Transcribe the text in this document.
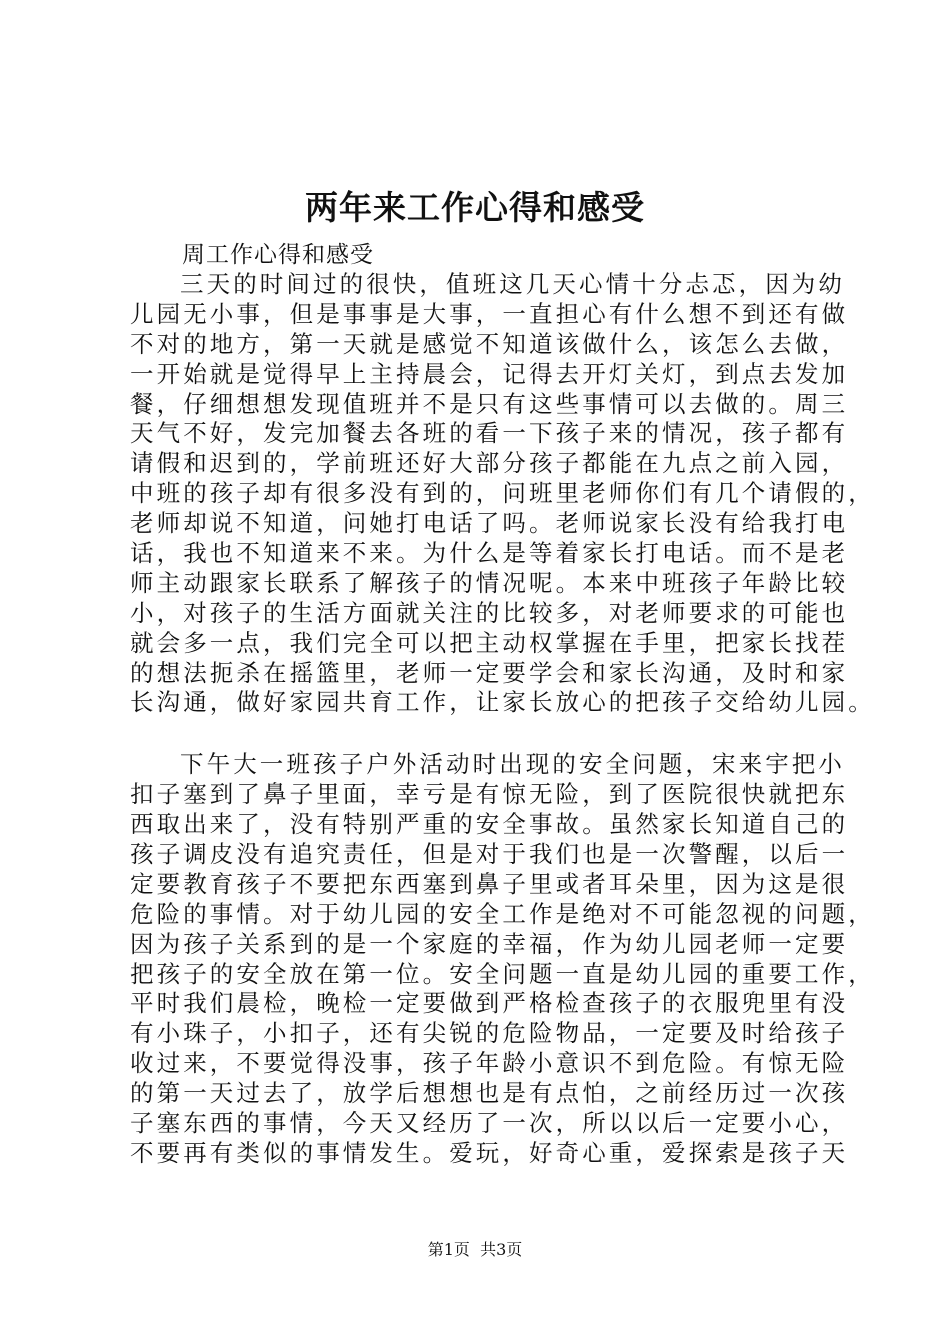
两年来工作心得和感受

周工作心得和感受

三天的时间过的很快，值班这几天心情十分忐忑，因为幼
儿园无小事，但是事事是大事，一直担心有什么想不到还有做
不对的地方，第一天就是感觉不知道该做什么，该怎么去做，
一开始就是觉得早上主持晨会，记得去开灯关灯，到点去发加
餐，仔细想想发现值班并不是只有这些事情可以去做的。周三
天气不好，发完加餐去各班的看一下孩子来的情况，孩子都有
请假和迟到的，学前班还好大部分孩子都能在九点之前入园，
中班的孩子却有很多没有到的，问班里老师你们有几个请假的，
老师却说不知道，问她打电话了吗。老师说家长没有给我打电
话，我也不知道来不来。为什么是等着家长打电话。而不是老
师主动跟家长联系了解孩子的情况呢。本来中班孩子年龄比较
小，对孩子的生活方面就关注的比较多，对老师要求的可能也
就会多一点，我们完全可以把主动权掌握在手里，把家长找茬
的想法扼杀在摇篮里，老师一定要学会和家长沟通，及时和家
长沟通，做好家园共育工作，让家长放心的把孩子交给幼儿园。

下午大一班孩子户外活动时出现的安全问题，宋来宇把小
扣子塞到了鼻子里面，幸亏是有惊无险，到了医院很快就把东
西取出来了，没有特别严重的安全事故。虽然家长知道自己的
孩子调皮没有追究责任，但是对于我们也是一次警醒，以后一
定要教育孩子不要把东西塞到鼻子里或者耳朵里，因为这是很
危险的事情。对于幼儿园的安全工作是绝对不可能忽视的问题，
因为孩子关系到的是一个家庭的幸福，作为幼儿园老师一定要
把孩子的安全放在第一位。安全问题一直是幼儿园的重要工作，
平时我们晨检，晚检一定要做到严格检查孩子的衣服兜里有没
有小珠子，小扣子，还有尖锐的危险物品，一定要及时给孩子
收过来，不要觉得没事，孩子年龄小意识不到危险。有惊无险
的第一天过去了，放学后想想也是有点怕，之前经历过一次孩
子塞东西的事情，今天又经历了一次，所以以后一定要小心，
不要再有类似的事情发生。爱玩，好奇心重，爱探索是孩子天

第1页  共3页
